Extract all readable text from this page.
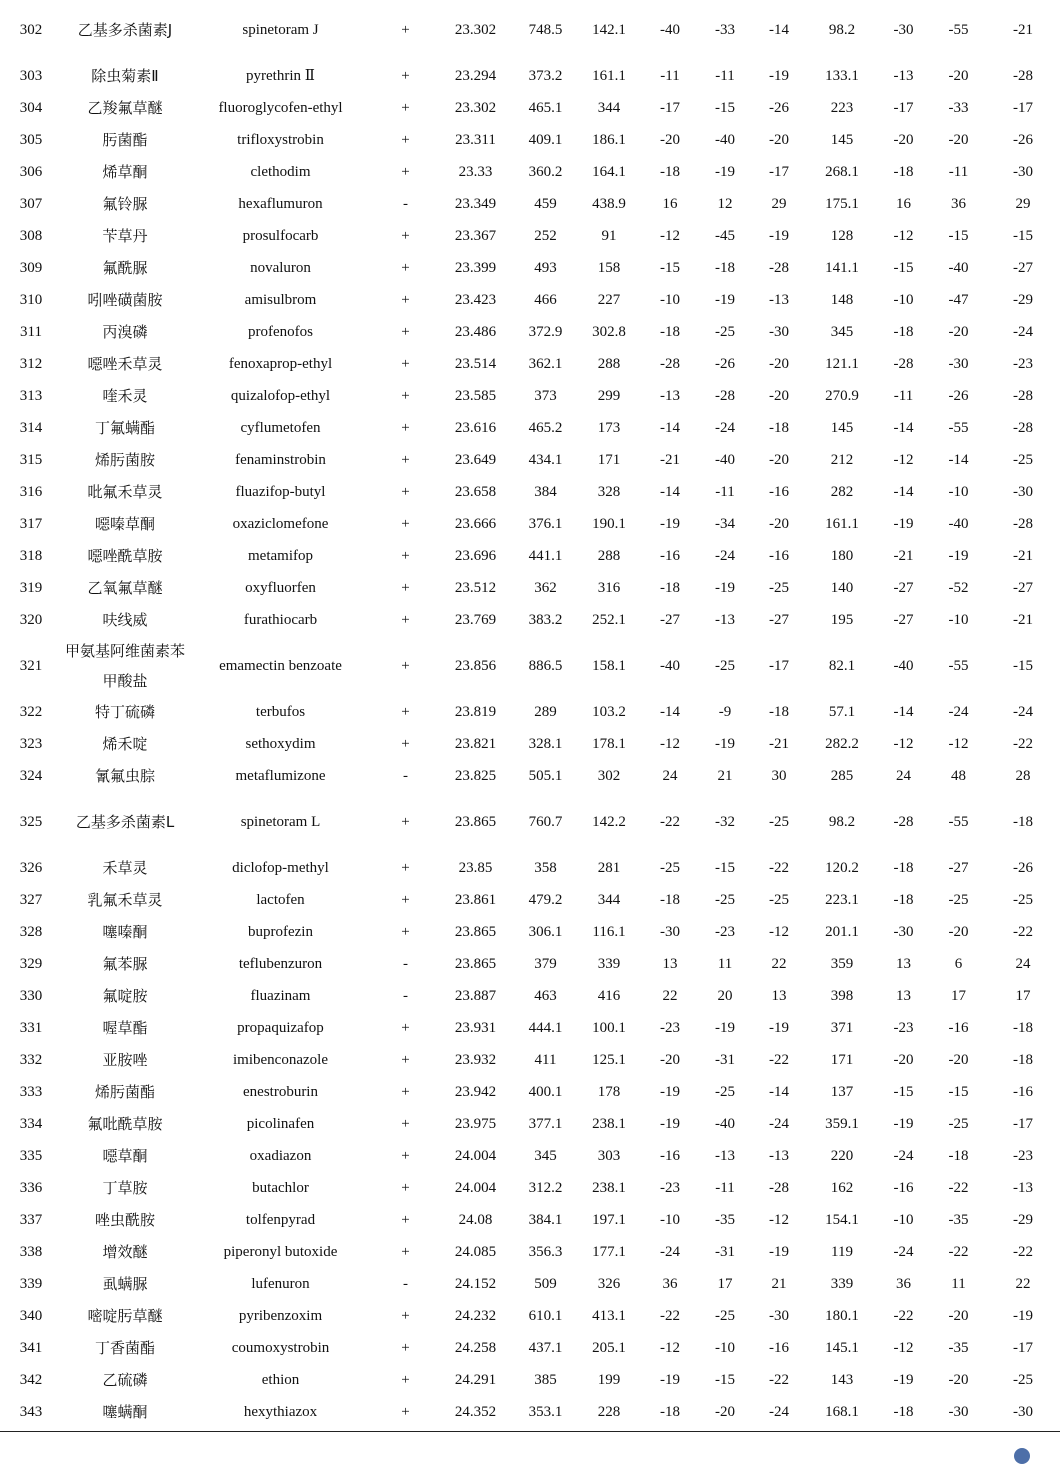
302	乙基多杀菌素J	spinetoram J	+	23.302	748.5	142.1	-40	-33	-14	98.2	-30	-55	-21
303	除虫菊素Ⅱ	pyrethrin Ⅱ	+	23.294	373.2	161.1	-11	-11	-19	133.1	-13	-20	-28
304	乙羧氟草醚	fluoroglycofen-ethyl	+	23.302	465.1	344	-17	-15	-26	223	-17	-33	-17
305	肟菌酯	trifloxystrobin	+	23.311	409.1	186.1	-20	-40	-20	145	-20	-20	-26
306	烯草酮	clethodim	+	23.33	360.2	164.1	-18	-19	-17	268.1	-18	-11	-30
307	氟铃脲	hexaflumuron	-	23.349	459	438.9	16	12	29	175.1	16	36	29
308	苄草丹	prosulfocarb	+	23.367	252	91	-12	-45	-19	128	-12	-15	-15
309	氟酰脲	novaluron	+	23.399	493	158	-15	-18	-28	141.1	-15	-40	-27
310	吲唑磺菌胺	amisulbrom	+	23.423	466	227	-10	-19	-13	148	-10	-47	-29
311	丙溴磷	profenofos	+	23.486	372.9	302.8	-18	-25	-30	345	-18	-20	-24
312	噁唑禾草灵	fenoxaprop-ethyl	+	23.514	362.1	288	-28	-26	-20	121.1	-28	-30	-23
313	喹禾灵	quizalofop-ethyl	+	23.585	373	299	-13	-28	-20	270.9	-11	-26	-28
314	丁氟螨酯	cyflumetofen	+	23.616	465.2	173	-14	-24	-18	145	-14	-55	-28
315	烯肟菌胺	fenaminstrobin	+	23.649	434.1	171	-21	-40	-20	212	-12	-14	-25
316	吡氟禾草灵	fluazifop-butyl	+	23.658	384	328	-14	-11	-16	282	-14	-10	-30
317	噁嗪草酮	oxaziclomefone	+	23.666	376.1	190.1	-19	-34	-20	161.1	-19	-40	-28
318	噁唑酰草胺	metamifop	+	23.696	441.1	288	-16	-24	-16	180	-21	-19	-21
319	乙氧氟草醚	oxyfluorfen	+	23.512	362	316	-18	-19	-25	140	-27	-52	-27
320	呋线威	furathiocarb	+	23.769	383.2	252.1	-27	-13	-27	195	-27	-10	-21
321	甲氨基阿维菌素苯甲酸盐	emamectin benzoate	+	23.856	886.5	158.1	-40	-25	-17	82.1	-40	-55	-15
322	特丁硫磷	terbufos	+	23.819	289	103.2	-14	-9	-18	57.1	-14	-24	-24
323	烯禾啶	sethoxydim	+	23.821	328.1	178.1	-12	-19	-21	282.2	-12	-12	-22
324	氰氟虫腙	metaflumizone	-	23.825	505.1	302	24	21	30	285	24	48	28
325	乙基多杀菌素L	spinetoram L	+	23.865	760.7	142.2	-22	-32	-25	98.2	-28	-55	-18
326	禾草灵	diclofop-methyl	+	23.85	358	281	-25	-15	-22	120.2	-18	-27	-26
327	乳氟禾草灵	lactofen	+	23.861	479.2	344	-18	-25	-25	223.1	-18	-25	-25
328	噻嗪酮	buprofezin	+	23.865	306.1	116.1	-30	-23	-12	201.1	-30	-20	-22
329	氟苯脲	teflubenzuron	-	23.865	379	339	13	11	22	359	13	6	24
330	氟啶胺	fluazinam	-	23.887	463	416	22	20	13	398	13	17	17
331	喔草酯	propaquizafop	+	23.931	444.1	100.1	-23	-19	-19	371	-23	-16	-18
332	亚胺唑	imibenconazole	+	23.932	411	125.1	-20	-31	-22	171	-20	-20	-18
333	烯肟菌酯	enestroburin	+	23.942	400.1	178	-19	-25	-14	137	-15	-15	-16
334	氟吡酰草胺	picolinafen	+	23.975	377.1	238.1	-19	-40	-24	359.1	-19	-25	-17
335	噁草酮	oxadiazon	+	24.004	345	303	-16	-13	-13	220	-24	-18	-23
336	丁草胺	butachlor	+	24.004	312.2	238.1	-23	-11	-28	162	-16	-22	-13
337	唑虫酰胺	tolfenpyrad	+	24.08	384.1	197.1	-10	-35	-12	154.1	-10	-35	-29
338	增效醚	piperonyl butoxide	+	24.085	356.3	177.1	-24	-31	-19	119	-24	-22	-22
339	虱螨脲	lufenuron	-	24.152	509	326	36	17	21	339	36	11	22
340	嘧啶肟草醚	pyribenzoxim	+	24.232	610.1	413.1	-22	-25	-30	180.1	-22	-20	-19
341	丁香菌酯	coumoxystrobin	+	24.258	437.1	205.1	-12	-10	-16	145.1	-12	-35	-17
342	乙硫磷	ethion	+	24.291	385	199	-19	-15	-22	143	-19	-20	-25
343	噻螨酮	hexythiazox	+	24.352	353.1	228	-18	-20	-24	168.1	-18	-30	-30
